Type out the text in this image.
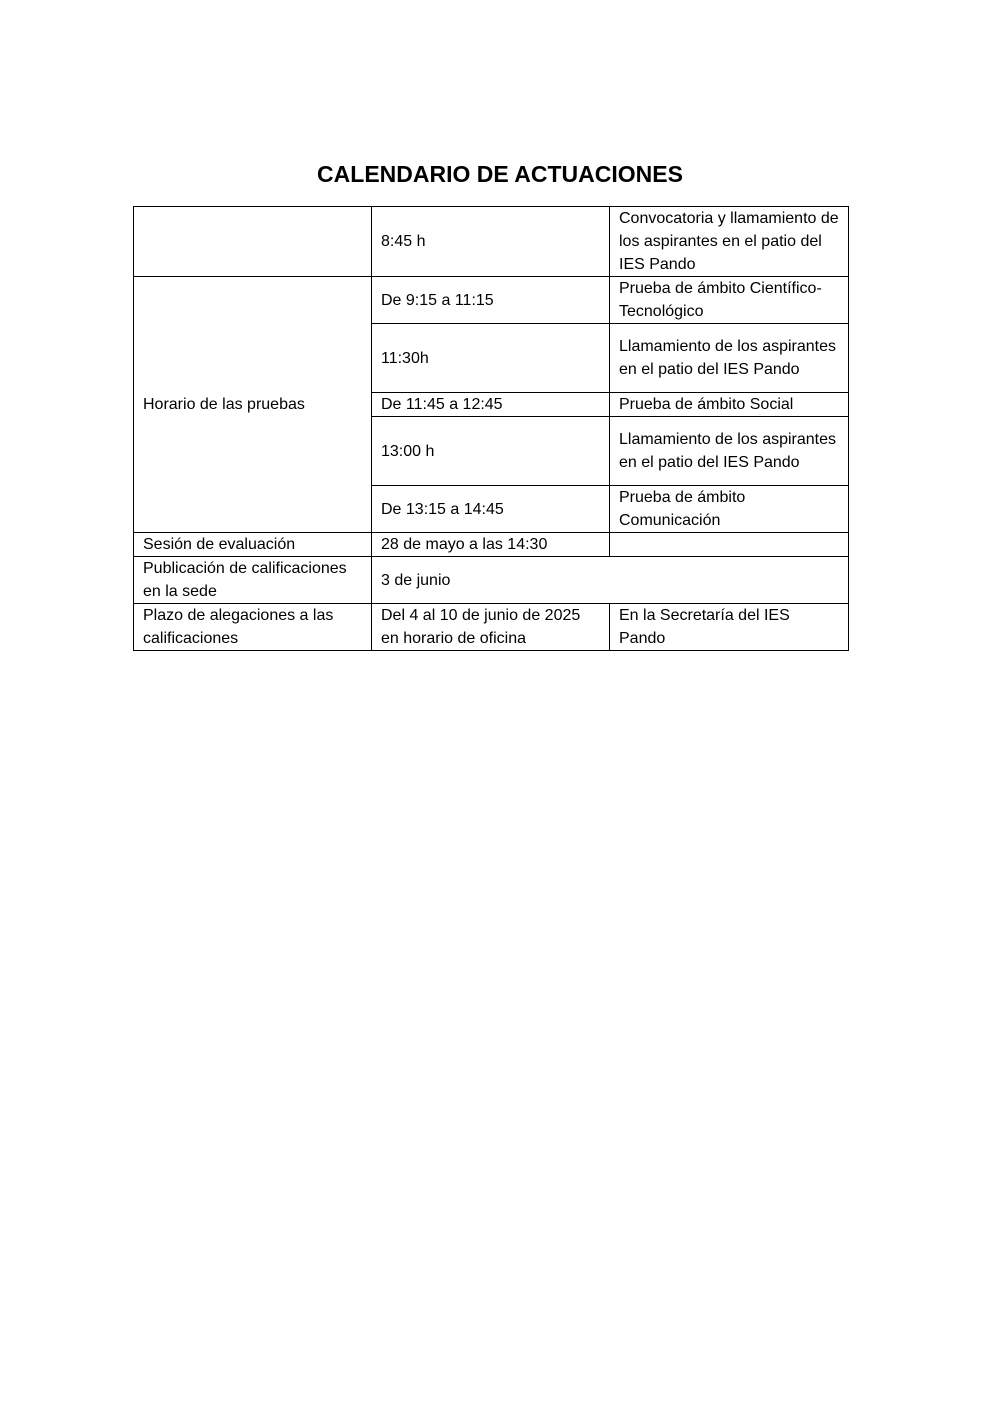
CALENDARIO DE ACTUACIONES
	8:45 h	Convocatoria y llamamiento de los aspirantes en el patio del IES Pando
Horario de las pruebas	De 9:15 a 11:15	Prueba de ámbito Científico-Tecnológico
	11:30h	Llamamiento de los aspirantes en el patio del IES Pando
	De 11:45 a 12:45	Prueba de ámbito Social
	13:00 h	Llamamiento de los aspirantes en el patio del IES Pando
	De 13:15 a 14:45	Prueba de ámbito Comunicación
Sesión de evaluación	28 de mayo a las 14:30	
Publicación de calificaciones en la sede	3 de junio	
Plazo de alegaciones a las calificaciones	Del 4 al 10 de junio de 2025 en horario de oficina	En la Secretaría del IES Pando
